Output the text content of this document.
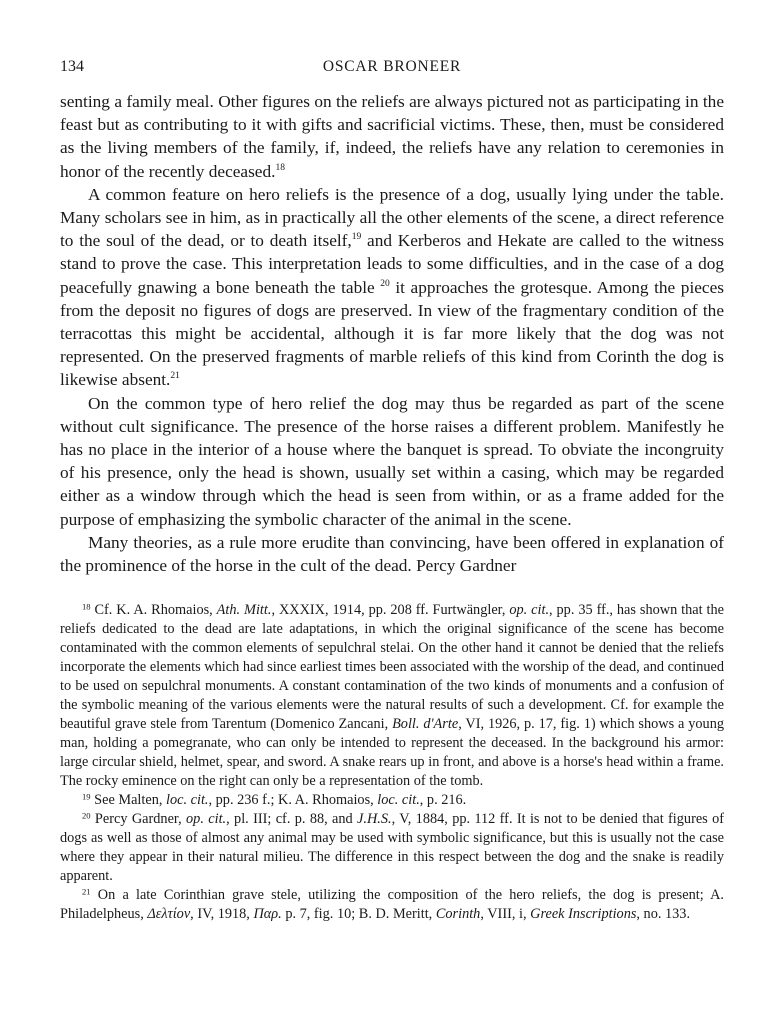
134	OSCAR BRONEER

senting a family meal. Other figures on the reliefs are always pictured not as participating in the feast but as contributing to it with gifts and sacrificial victims. These, then, must be considered as the living members of the family, if, indeed, the reliefs have any relation to ceremonies in honor of the recently deceased.$^{18}$

A common feature on hero reliefs is the presence of a dog, usually lying under the table. Many scholars see in him, as in practically all the other elements of the scene, a direct reference to the soul of the dead, or to death itself,$^{19}$ and Kerberos and Hekate are called to the witness stand to prove the case. This interpretation leads to some difficulties, and in the case of a dog peacefully gnawing a bone beneath the table $^{20}$ it approaches the grotesque. Among the pieces from the deposit no figures of dogs are preserved. In view of the fragmentary condition of the terracottas this might be accidental, although it is far more likely that the dog was not represented. On the preserved fragments of marble reliefs of this kind from Corinth the dog is likewise absent.$^{21}$

On the common type of hero relief the dog may thus be regarded as part of the scene without cult significance. The presence of the horse raises a different problem. Manifestly he has no place in the interior of a house where the banquet is spread. To obviate the incongruity of his presence, only the head is shown, usually set within a casing, which may be regarded either as a window through which the head is seen from within, or as a frame added for the purpose of emphasizing the symbolic character of the animal in the scene.

Many theories, as a rule more erudite than convincing, have been offered in explanation of the prominence of the horse in the cult of the dead. Percy Gardner

$^{18}$ Cf. K. A. Rhomaios, Ath. Mitt., XXXIX, 1914, pp. 208 ff. Furtwängler, op. cit., pp. 35 ff., has shown that the reliefs dedicated to the dead are late adaptations, in which the original significance of the scene has become contaminated with the common elements of sepulchral stelai. On the other hand it cannot be denied that the reliefs incorporate the elements which had since earliest times been associated with the worship of the dead, and continued to be used on sepulchral monuments. A constant contamination of the two kinds of monuments and a confusion of the symbolic meaning of the various elements were the natural results of such a development. Cf. for example the beautiful grave stele from Tarentum (Domenico Zancani, Boll. d'Arte, VI, 1926, p. 17, fig. 1) which shows a young man, holding a pomegranate, who can only be intended to represent the deceased. In the background his armor: large circular shield, helmet, spear, and sword. A snake rears up in front, and above is a horse's head within a frame. The rocky eminence on the right can only be a representation of the tomb.

$^{19}$ See Malten, loc. cit., pp. 236 f.; K. A. Rhomaios, loc. cit., p. 216.

$^{20}$ Percy Gardner, op. cit., pl. III; cf. p. 88, and J.H.S., V, 1884, pp. 112 ff. It is not to be denied that figures of dogs as well as those of almost any animal may be used with symbolic significance, but this is usually not the case where they appear in their natural milieu. The difference in this respect between the dog and the snake is readily apparent.

$^{21}$ On a late Corinthian grave stele, utilizing the composition of the hero reliefs, the dog is present; A. Philadelpheus, Δελτίον, IV, 1918, Παρ. p. 7, fig. 10; B. D. Meritt, Corinth, VIII, i, Greek Inscriptions, no. 133.
